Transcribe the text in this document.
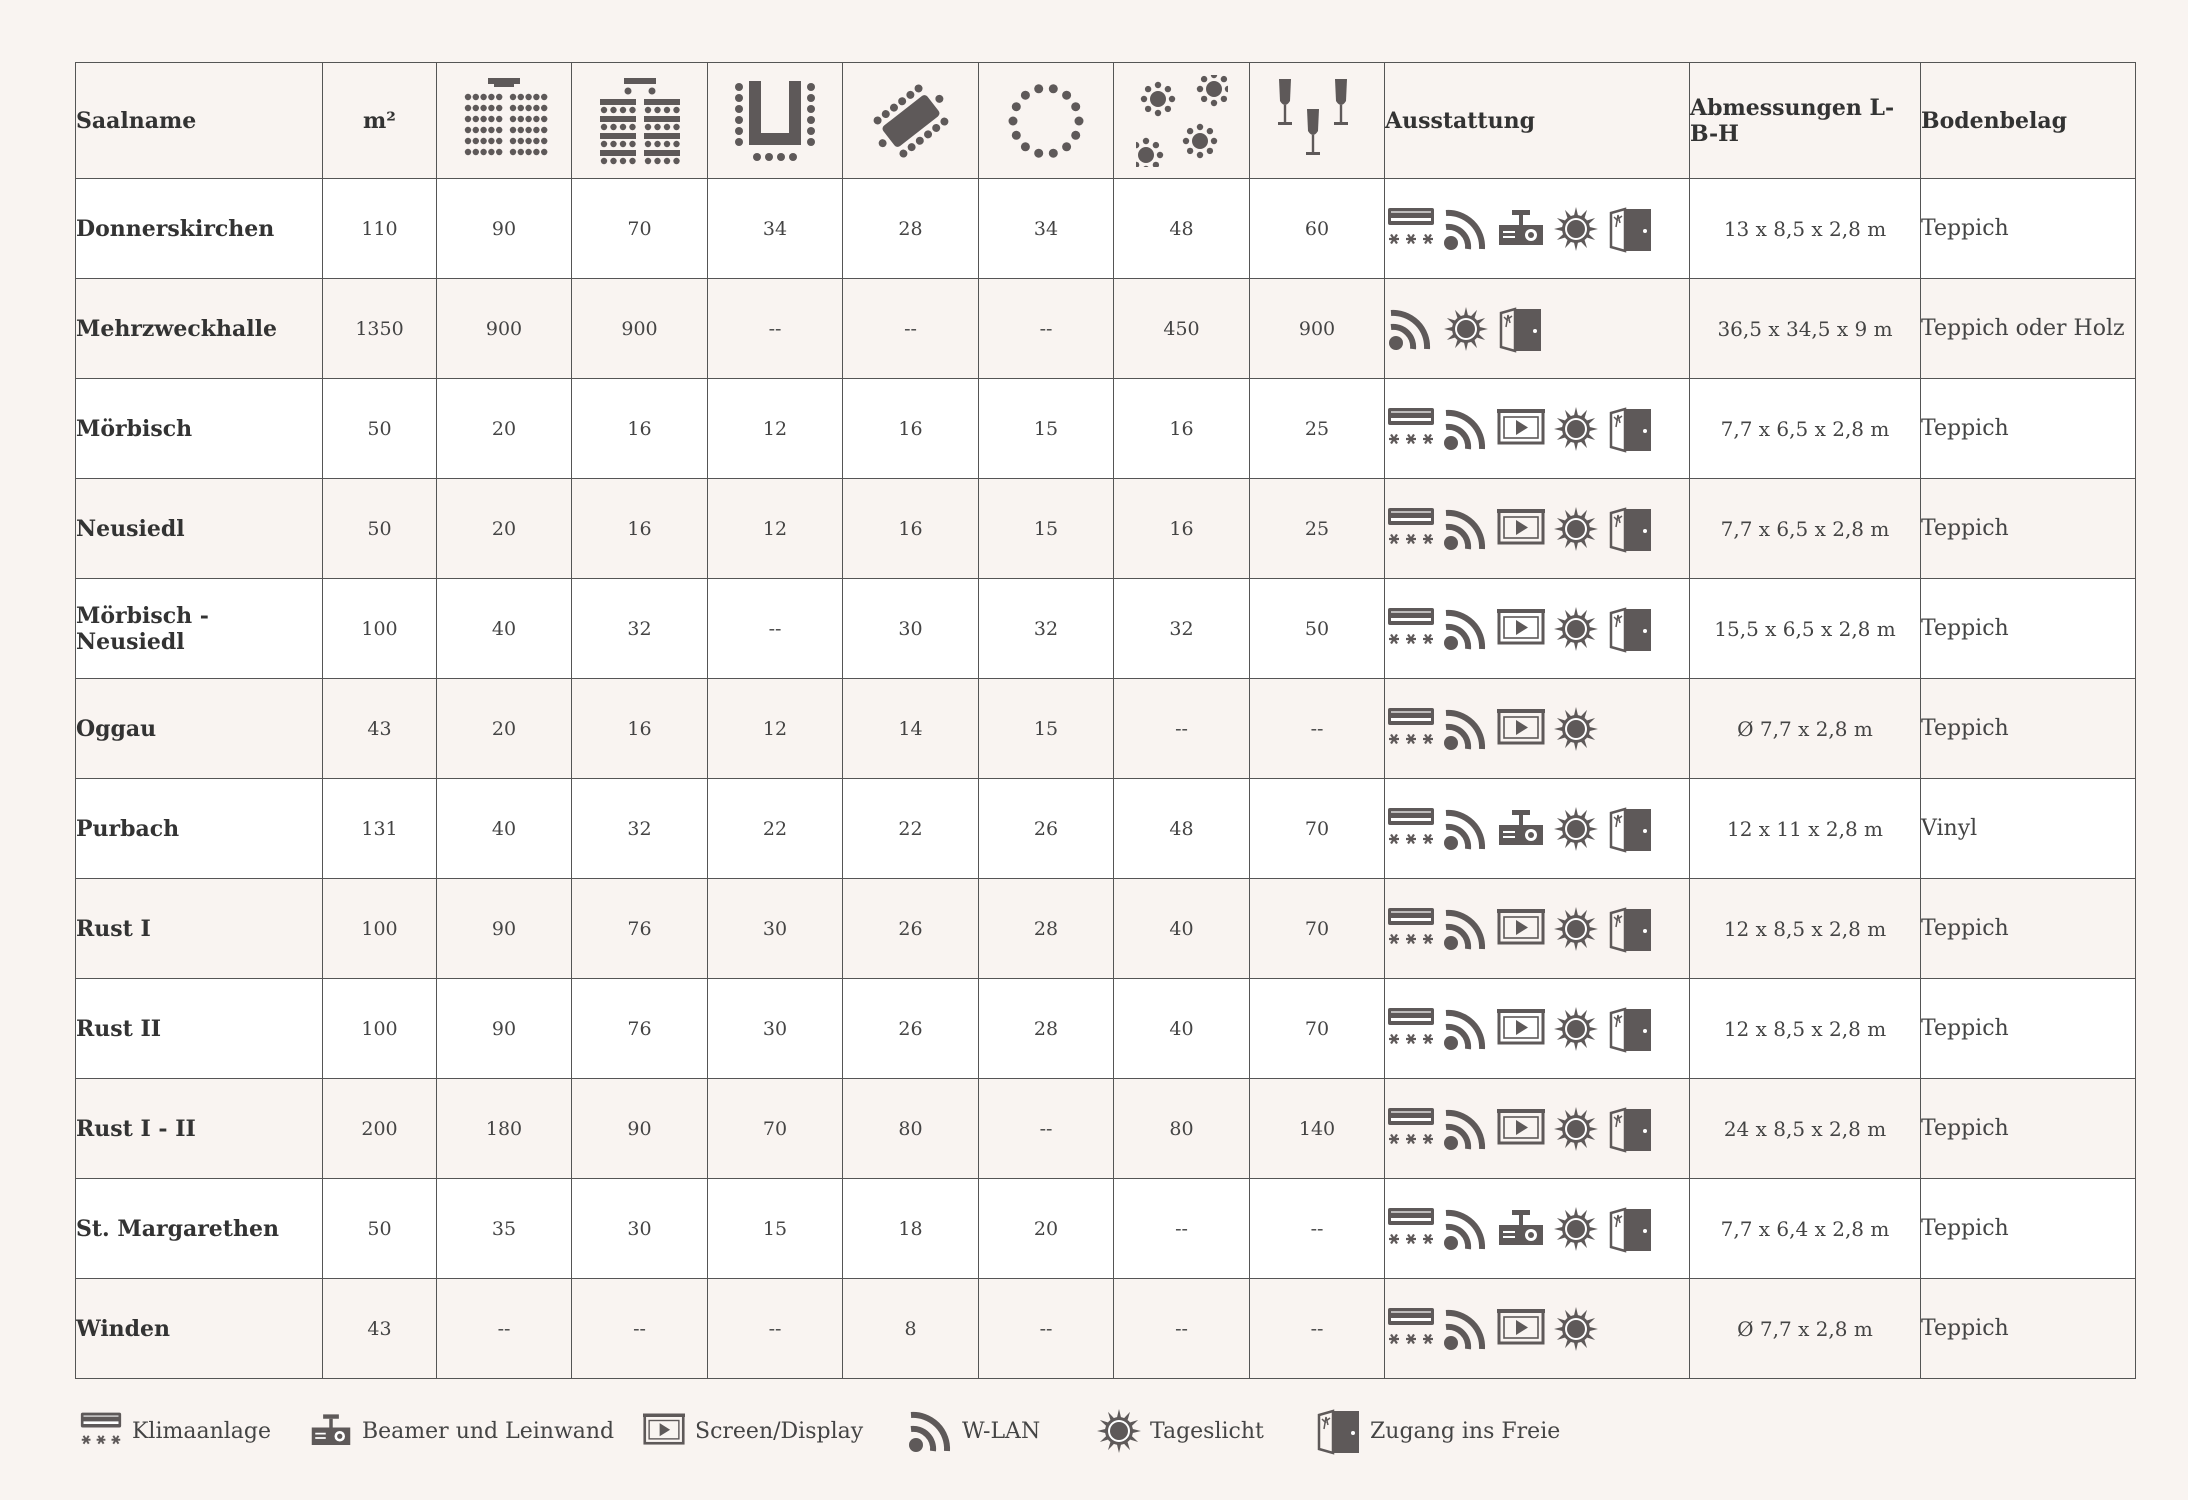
Saalname	m²								Ausstattung	Abmessungen L-B-H	Bodenbelag
Donnerskirchen	110	90	70	34	28	34	48	60		13 x 8,5 x 2,8 m	Teppich
Mehrzweckhalle	1350	900	900	--	--	--	450	900		36,5 x 34,5 x 9 m	Teppich oder Holz
Mörbisch	50	20	16	12	16	15	16	25		7,7 x 6,5 x 2,8 m	Teppich
Neusiedl	50	20	16	12	16	15	16	25		7,7 x 6,5 x 2,8 m	Teppich
Mörbisch - Neusiedl	100	40	32	--	30	32	32	50		15,5 x 6,5 x 2,8 m	Teppich
Oggau	43	20	16	12	14	15	--	--		Ø 7,7 x 2,8 m	Teppich
Purbach	131	40	32	22	22	26	48	70		12 x 11 x 2,8 m	Vinyl
Rust I	100	90	76	30	26	28	40	70		12 x 8,5 x 2,8 m	Teppich
Rust II	100	90	76	30	26	28	40	70		12 x 8,5 x 2,8 m	Teppich
Rust I - II	200	180	90	70	80	--	80	140		24 x 8,5 x 2,8 m	Teppich
St. Margarethen	50	35	30	15	18	20	--	--		7,7 x 6,4 x 2,8 m	Teppich
Winden	43	--	--	--	8	--	--	--		Ø 7,7 x 2,8 m	Teppich
Klimaanlage	Beamer und Leinwand	Screen/Display	W-LAN	Tageslicht	Zugang ins Freie
